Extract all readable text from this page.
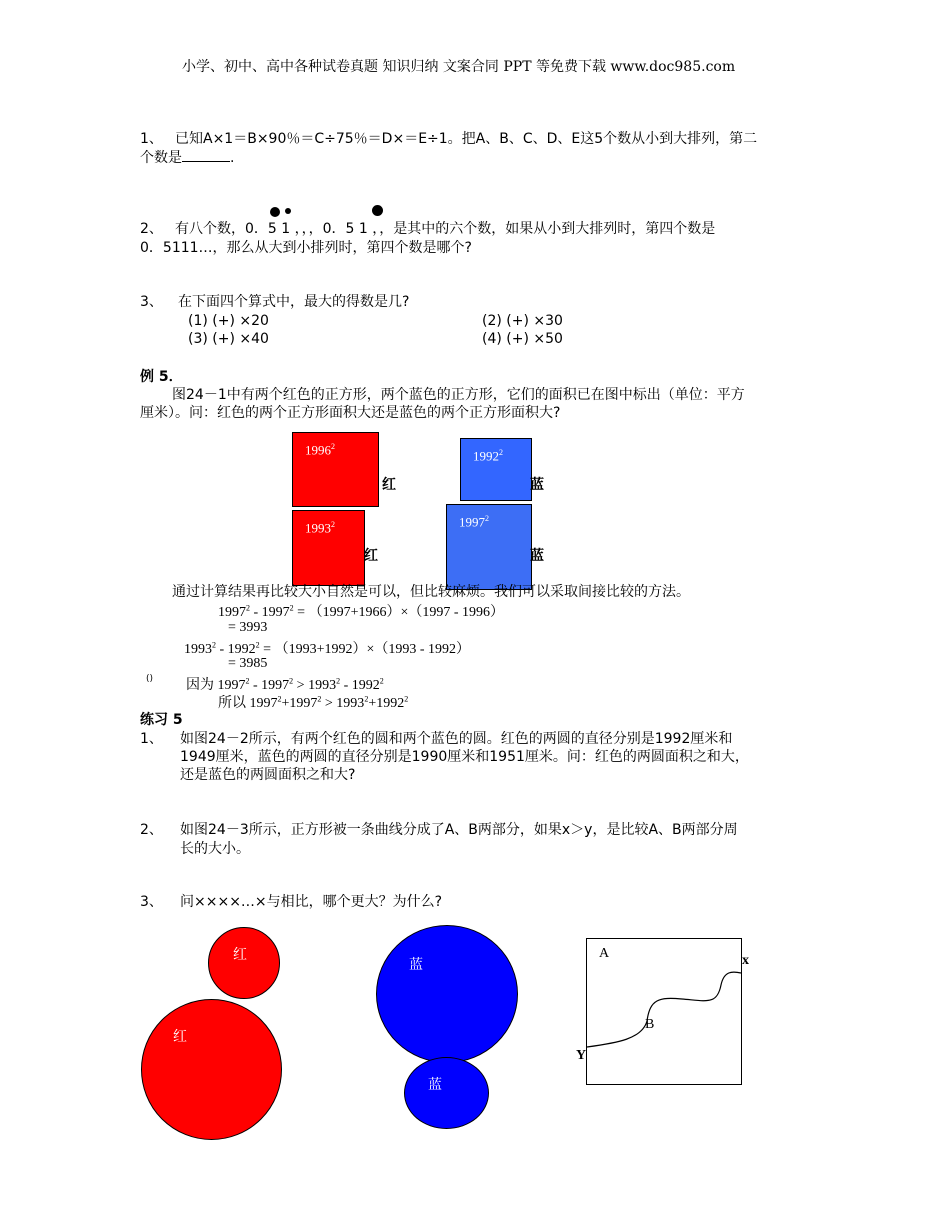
小学、初中、高中各种试卷真题 知识归纳 文案合同 PPT 等免费下载 www.doc985.com
1、 已知A×1＝B×90％＝C÷75％＝D×＝E÷1。把A、B、C、D、E这5个数从小到大排列，第二
个数是	.
2、 有八个数，0．5 1 ，，，0．5 1 ，，是其中的六个数，如果从小到大排列时，第四个数是
0．5111…，那么从大到小排列时，第四个数是哪个?
3、 在下面四个算式中，最大的得数是几?
(1) (+) ×20	(2) (+) ×30
(3) (+) ×40	(4) (+) ×50
例 5．
图24－1中有两个红色的正方形，两个蓝色的正方形，它们的面积已在图中标出（单位：平方
厘米）。问：红色的两个正方形面积大还是蓝色的两个正方形面积大?
1996$^2$
红
1993$^2$
红
1992$^2$
蓝
1997$^2$
蓝
通过计算结果再比较大小自然是可以，但比较麻烦。我们可以采取间接比较的方法。
$1997^2 - 1997^2 = (1997+1966)\times(1997 - 1996)$
= 3993
$1993^2 - 1992^2 = (1993+1992)\times(1993 - 1992)$
= 3985
() 因为 $1997^2 - 1997^2 > 1993^2 - 1992^2$
所以 $1997^2+1997^2 > 1993^2+1992^2$
练习 5
1、 如图24－2所示，有两个红色的圆和两个蓝色的圆。红色的两圆的直径分别是1992厘米和
1949厘米，蓝色的两圆的直径分别是1990厘米和1951厘米。问：红色的两圆面积之和大，
还是蓝色的两圆面积之和大?
2、 如图24－3所示，正方形被一条曲线分成了A、B两部分，如果x＞y，是比较A、B两部分周
长的大小。
3、 问××××…×与相比，哪个更大？为什么?
红
红
蓝
蓝
A
B
x
Y
